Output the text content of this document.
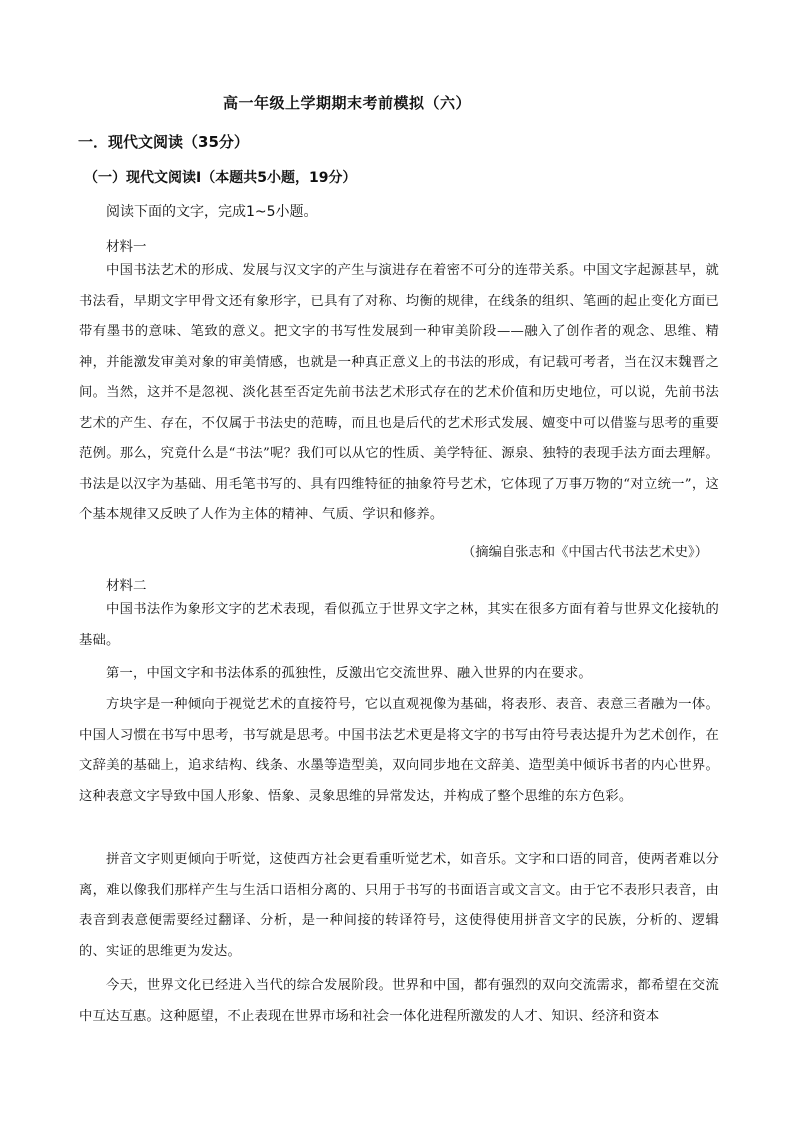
高一年级上学期期末考前模拟（六）
一．现代文阅读（35分）
（一）现代文阅读Ⅰ（本题共5小题，19分）
阅读下面的文字，完成1~5小题。
材料一
中国书法艺术的形成、发展与汉文字的产生与演进存在着密不可分的连带关系。中国文字起源甚早，就书法看，早期文字甲骨文还有象形字，已具有了对称、均衡的规律，在线条的组织、笔画的起止变化方面已带有墨书的意味、笔致的意义。把文字的书写性发展到一种审美阶段——融入了创作者的观念、思维、精神，并能激发审美对象的审美情感，也就是一种真正意义上的书法的形成，有记载可考者，当在汉末魏晋之间。当然，这并不是忽视、淡化甚至否定先前书法艺术形式存在的艺术价值和历史地位，可以说，先前书法艺术的产生、存在，不仅属于书法史的范畴，而且也是后代的艺术形式发展、嬗变中可以借鉴与思考的重要范例。那么，究竟什么是“书法”呢？我们可以从它的性质、美学特征、源泉、独特的表现手法方面去理解。书法是以汉字为基础、用毛笔书写的、具有四维特征的抽象符号艺术，它体现了万事万物的“对立统一”，这个基本规律又反映了人作为主体的精神、气质、学识和修养。
（摘编自张志和《中国古代书法艺术史》）
材料二
中国书法作为象形文字的艺术表现，看似孤立于世界文字之林，其实在很多方面有着与世界文化接轨的基础。
第一，中国文字和书法体系的孤独性，反激出它交流世界、融入世界的内在要求。
方块字是一种倾向于视觉艺术的直接符号，它以直观视像为基础，将表形、表音、表意三者融为一体。中国人习惯在书写中思考，书写就是思考。中国书法艺术更是将文字的书写由符号表达提升为艺术创作，在文辞美的基础上，追求结构、线条、水墨等造型美，双向同步地在文辞美、造型美中倾诉书者的内心世界。这种表意文字导致中国人形象、悟象、灵象思维的异常发达，并构成了整个思维的东方色彩。
拼音文字则更倾向于听觉，这使西方社会更看重听觉艺术，如音乐。文字和口语的同音，使两者难以分离，难以像我们那样产生与生活口语相分离的、只用于书写的书面语言或文言文。由于它不表形只表音，由表音到表意便需要经过翻译、分析，是一种间接的转译符号，这使得使用拼音文字的民族，分析的、逻辑的、实证的思维更为发达。
今天，世界文化已经进入当代的综合发展阶段。世界和中国，都有强烈的双向交流需求，都希望在交流中互达互惠。这种愿望，不止表现在世界市场和社会一体化进程所激发的人才、知识、经济和资本
